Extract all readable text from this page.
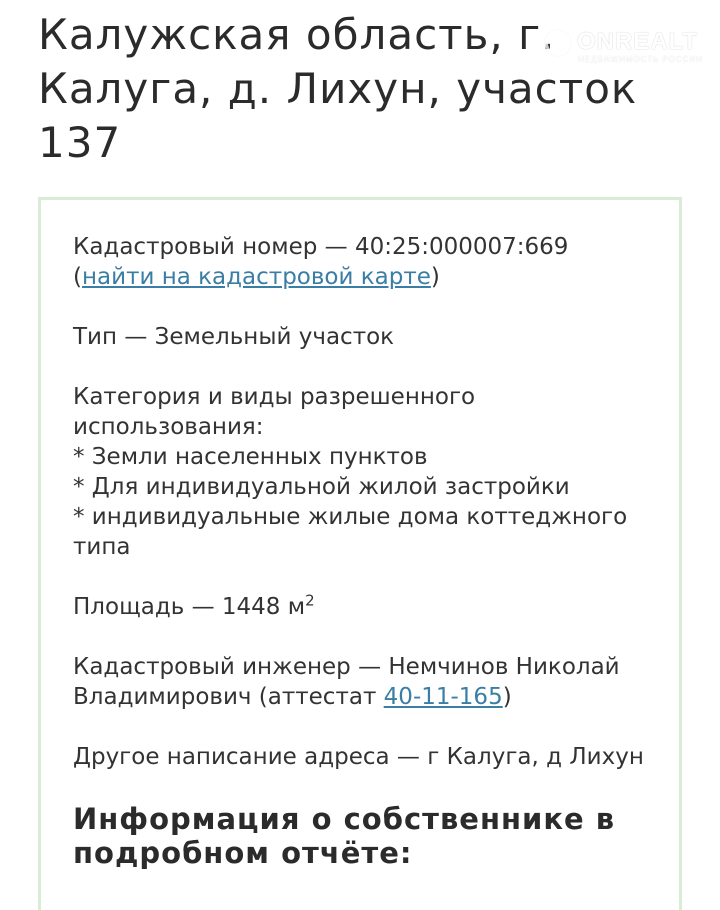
Калужская область, г. Калуга, д. Лихун, участок 137
ONREALT
НЕДВИЖИМОСТЬ РОССИИ

Кадастровый номер — 40:25:000007:669

(найти на кадастровой карте)

Тип — Земельный участок

Категория и виды разрешенного использования:

* Земли населенных пунктов

* Для индивидуальной жилой застройки

* индивидуальные жилые дома коттеджного типа

Площадь — 1448 $м^2$

Кадастровый инженер — Немчинов Николай Владимирович (аттестат 40-11-165)

Другое написание адреса — г Калуга, д Лихун

Информация о собственнике в подробном отчёте:
